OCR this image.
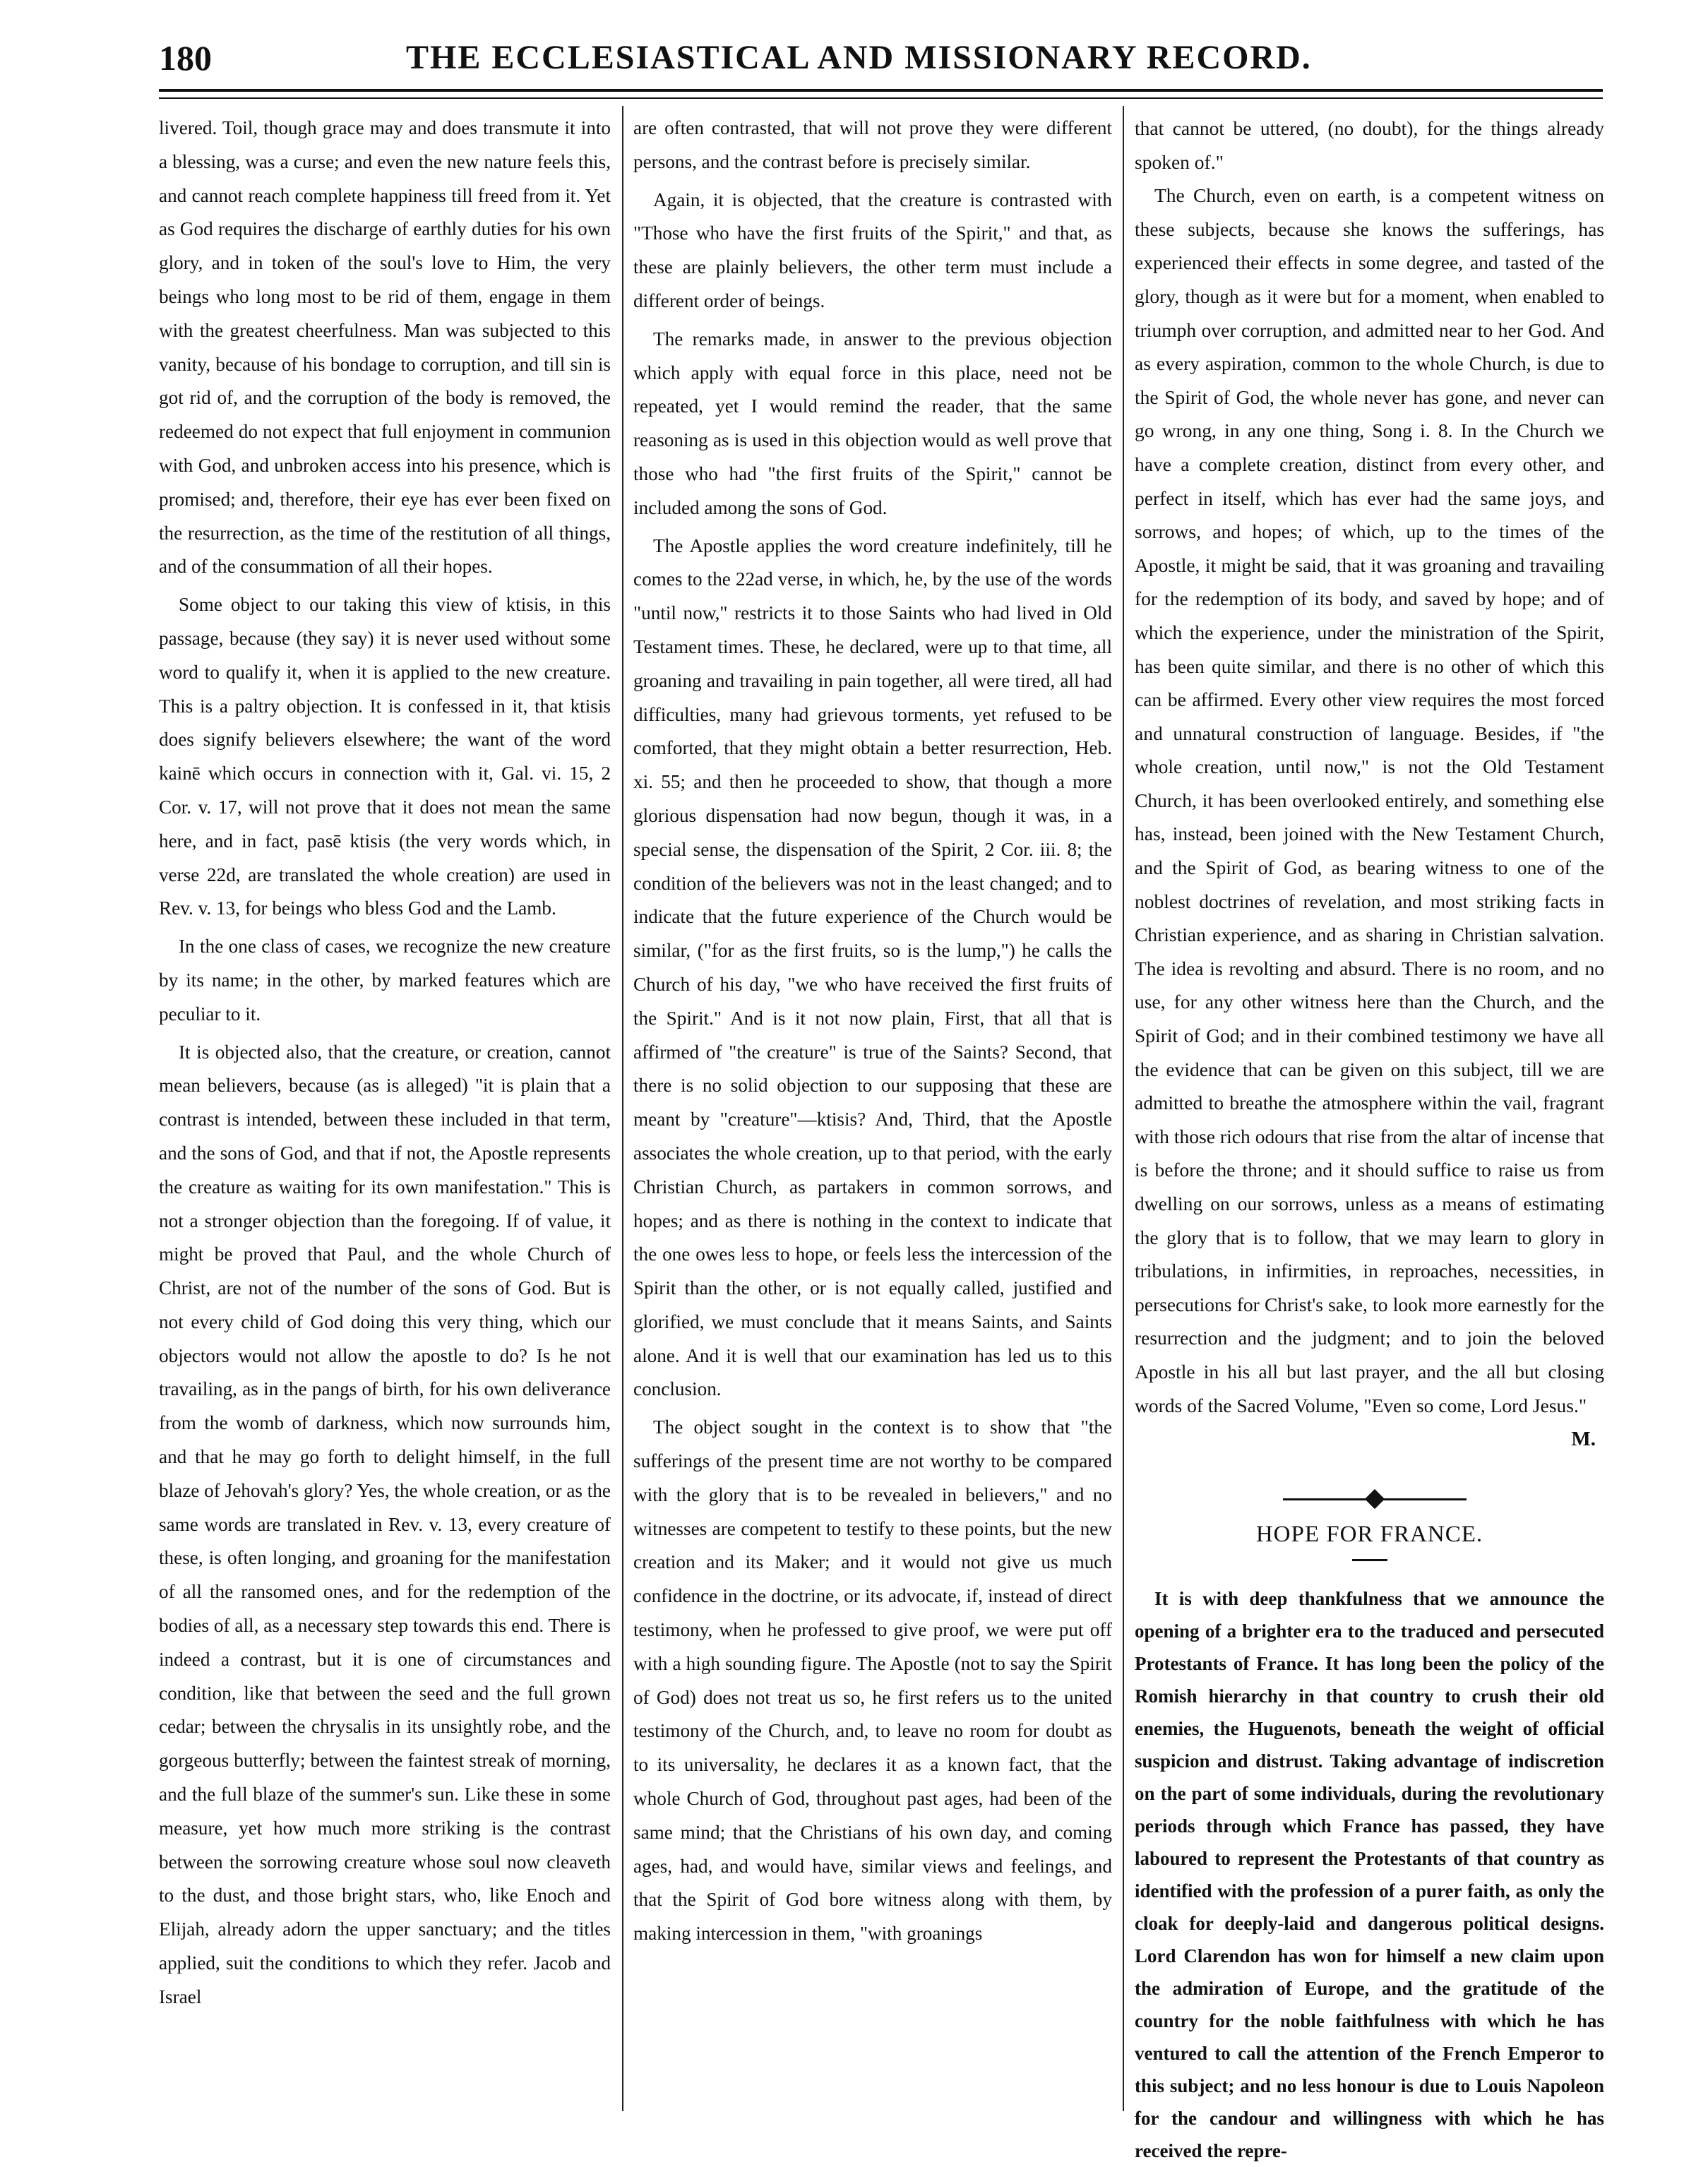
180	THE ECCLESIASTICAL AND MISSIONARY RECORD.

livered. Toil, though grace may and does transmute it into a blessing, was a curse; and even the new nature feels this, and cannot reach complete happiness till freed from it. Yet as God requires the discharge of earthly duties for his own glory, and in token of the soul's love to Him, the very beings who long most to be rid of them, engage in them with the greatest cheerfulness. Man was subjected to this vanity, because of his bondage to corruption, and till sin is got rid of, and the corruption of the body is removed, the redeemed do not expect that full enjoyment in communion with God, and unbroken access into his presence, which is promised; and, therefore, their eye has ever been fixed on the resurrection, as the time of the restitution of all things, and of the consummation of all their hopes.

Some object to our taking this view of ktisis, in this passage, because (they say) it is never used without some word to qualify it, when it is applied to the new creature. This is a paltry objection. It is confessed in it, that ktisis does signify believers elsewhere; the want of the word kainē which occurs in connection with it, Gal. vi. 15, 2 Cor. v. 17, will not prove that it does not mean the same here, and in fact, pasē ktisis (the very words which, in verse 22d, are translated the whole creation) are used in Rev. v. 13, for beings who bless God and the Lamb.

In the one class of cases, we recognize the new creature by its name; in the other, by marked features which are peculiar to it.

It is objected also, that the creature, or creation, cannot mean believers, because (as is alleged) "it is plain that a contrast is intended, between these included in that term, and the sons of God, and that if not, the Apostle represents the creature as waiting for its own manifestation." This is not a stronger objection than the foregoing. If of value, it might be proved that Paul, and the whole Church of Christ, are not of the number of the sons of God. But is not every child of God doing this very thing, which our objectors would not allow the apostle to do? Is he not travailing, as in the pangs of birth, for his own deliverance from the womb of darkness, which now surrounds him, and that he may go forth to delight himself, in the full blaze of Jehovah's glory? Yes, the whole creation, or as the same words are translated in Rev. v. 13, every creature of these, is often longing, and groaning for the manifestation of all the ransomed ones, and for the redemption of the bodies of all, as a necessary step towards this end. There is indeed a contrast, but it is one of circumstances and condition, like that between the seed and the full grown cedar; between the chrysalis in its unsightly robe, and the gorgeous butterfly; between the faintest streak of morning, and the full blaze of the summer's sun. Like these in some measure, yet how much more striking is the contrast between the sorrowing creature whose soul now cleaveth to the dust, and those bright stars, who, like Enoch and Elijah, already adorn the upper sanctuary; and the titles applied, suit the conditions to which they refer. Jacob and Israel

are often contrasted, that will not prove they were different persons, and the contrast before is precisely similar.

Again, it is objected, that the creature is contrasted with "Those who have the first fruits of the Spirit," and that, as these are plainly believers, the other term must include a different order of beings.

The remarks made, in answer to the previous objection which apply with equal force in this place, need not be repeated, yet I would remind the reader, that the same reasoning as is used in this objection would as well prove that those who had "the first fruits of the Spirit," cannot be included among the sons of God.

The Apostle applies the word creature indefinitely, till he comes to the 22ad verse, in which, he, by the use of the words "until now," restricts it to those Saints who had lived in Old Testament times. These, he declared, were up to that time, all groaning and travailing in pain together, all were tired, all had difficulties, many had grievous torments, yet refused to be comforted, that they might obtain a better resurrection, Heb. xi. 55; and then he proceeded to show, that though a more glorious dispensation had now begun, though it was, in a special sense, the dispensation of the Spirit, 2 Cor. iii. 8; the condition of the believers was not in the least changed; and to indicate that the future experience of the Church would be similar, ("for as the first fruits, so is the lump,") he calls the Church of his day, "we who have received the first fruits of the Spirit." And is it not now plain, First, that all that is affirmed of "the creature" is true of the Saints? Second, that there is no solid objection to our supposing that these are meant by "creature"—ktisis? And, Third, that the Apostle associates the whole creation, up to that period, with the early Christian Church, as partakers in common sorrows, and hopes; and as there is nothing in the context to indicate that the one owes less to hope, or feels less the intercession of the Spirit than the other, or is not equally called, justified and glorified, we must conclude that it means Saints, and Saints alone. And it is well that our examination has led us to this conclusion.

The object sought in the context is to show that "the sufferings of the present time are not worthy to be compared with the glory that is to be revealed in believers," and no witnesses are competent to testify to these points, but the new creation and its Maker; and it would not give us much confidence in the doctrine, or its advocate, if, instead of direct testimony, when he professed to give proof, we were put off with a high sounding figure. The Apostle (not to say the Spirit of God) does not treat us so, he first refers us to the united testimony of the Church, and, to leave no room for doubt as to its universality, he declares it as a known fact, that the whole Church of God, throughout past ages, had been of the same mind; that the Christians of his own day, and coming ages, had, and would have, similar views and feelings, and that the Spirit of God bore witness along with them, by making intercession in them, "with groanings

that cannot be uttered, (no doubt), for the things already spoken of."

The Church, even on earth, is a competent witness on these subjects, because she knows the sufferings, has experienced their effects in some degree, and tasted of the glory, though as it were but for a moment, when enabled to triumph over corruption, and admitted near to her God. And as every aspiration, common to the whole Church, is due to the Spirit of God, the whole never has gone, and never can go wrong, in any one thing, Song i. 8. In the Church we have a complete creation, distinct from every other, and perfect in itself, which has ever had the same joys, and sorrows, and hopes; of which, up to the times of the Apostle, it might be said, that it was groaning and travailing for the redemption of its body, and saved by hope; and of which the experience, under the ministration of the Spirit, has been quite similar, and there is no other of which this can be affirmed. Every other view requires the most forced and unnatural construction of language. Besides, if "the whole creation, until now," is not the Old Testament Church, it has been overlooked entirely, and something else has, instead, been joined with the New Testament Church, and the Spirit of God, as bearing witness to one of the noblest doctrines of revelation, and most striking facts in Christian experience, and as sharing in Christian salvation. The idea is revolting and absurd. There is no room, and no use, for any other witness here than the Church, and the Spirit of God; and in their combined testimony we have all the evidence that can be given on this subject, till we are admitted to breathe the atmosphere within the vail, fragrant with those rich odours that rise from the altar of incense that is before the throne; and it should suffice to raise us from dwelling on our sorrows, unless as a means of estimating the glory that is to follow, that we may learn to glory in tribulations, in infirmities, in reproaches, necessities, in persecutions for Christ's sake, to look more earnestly for the resurrection and the judgment; and to join the beloved Apostle in his all but last prayer, and the all but closing words of the Sacred Volume, "Even so come, Lord Jesus."

M.
HOPE FOR FRANCE.

It is with deep thankfulness that we announce the opening of a brighter era to the traduced and persecuted Protestants of France. It has long been the policy of the Romish hierarchy in that country to crush their old enemies, the Huguenots, beneath the weight of official suspicion and distrust. Taking advantage of indiscretion on the part of some individuals, during the revolutionary periods through which France has passed, they have laboured to represent the Protestants of that country as identified with the profession of a purer faith, as only the cloak for deeply-laid and dangerous political designs. Lord Clarendon has won for himself a new claim upon the admiration of Europe, and the gratitude of the country for the noble faithfulness with which he has ventured to call the attention of the French Emperor to this subject; and no less honour is due to Louis Napoleon for the candour and willingness with which he has received the repre-
